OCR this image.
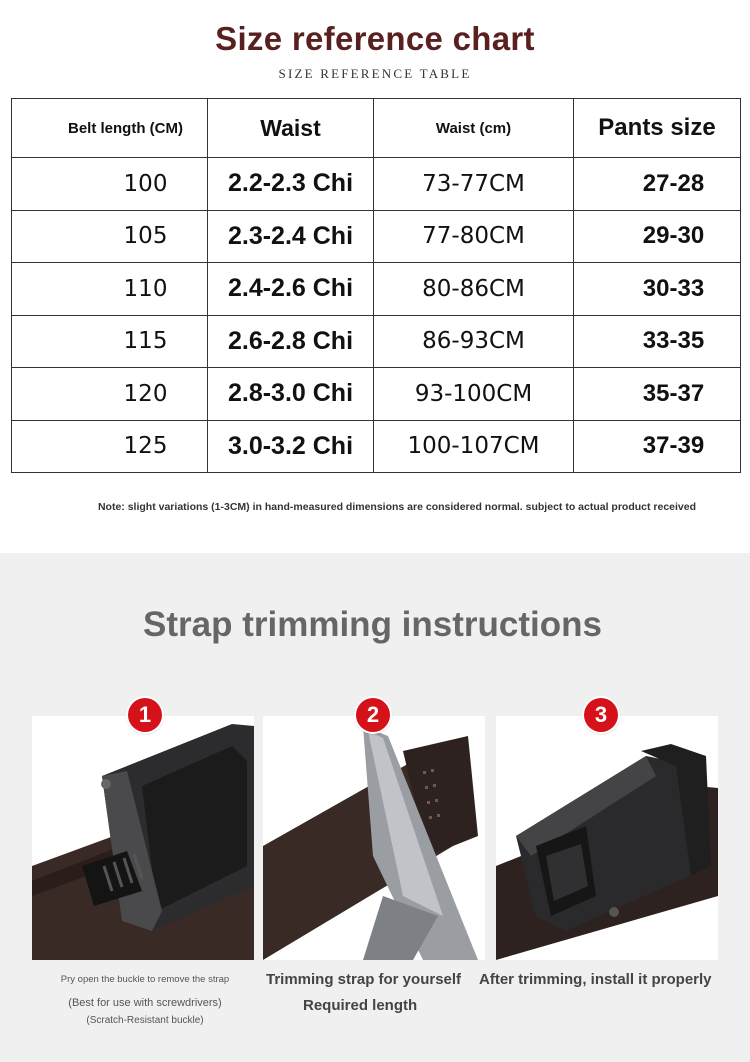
Size reference chart
SIZE REFERENCE TABLE
Belt length (CM)	Waist	Waist (cm)	Pants size
100	2.2-2.3 Chi	73-77CM	27-28
105	2.3-2.4 Chi	77-80CM	29-30
110	2.4-2.6 Chi	80-86CM	30-33
115	2.6-2.8 Chi	86-93CM	33-35
120	2.8-3.0 Chi	93-100CM	35-37
125	3.0-3.2 Chi	100-107CM	37-39
Note: slight variations (1-3CM) in hand-measured dimensions are considered normal. subject to actual product received
Strap trimming instructions
1	2	3
Pry open the buckle to remove the strap
(Best for use with screwdrivers)
(Scratch-Resistant buckle)
Trimming strap for yourself
Required length
After trimming, install it properly
